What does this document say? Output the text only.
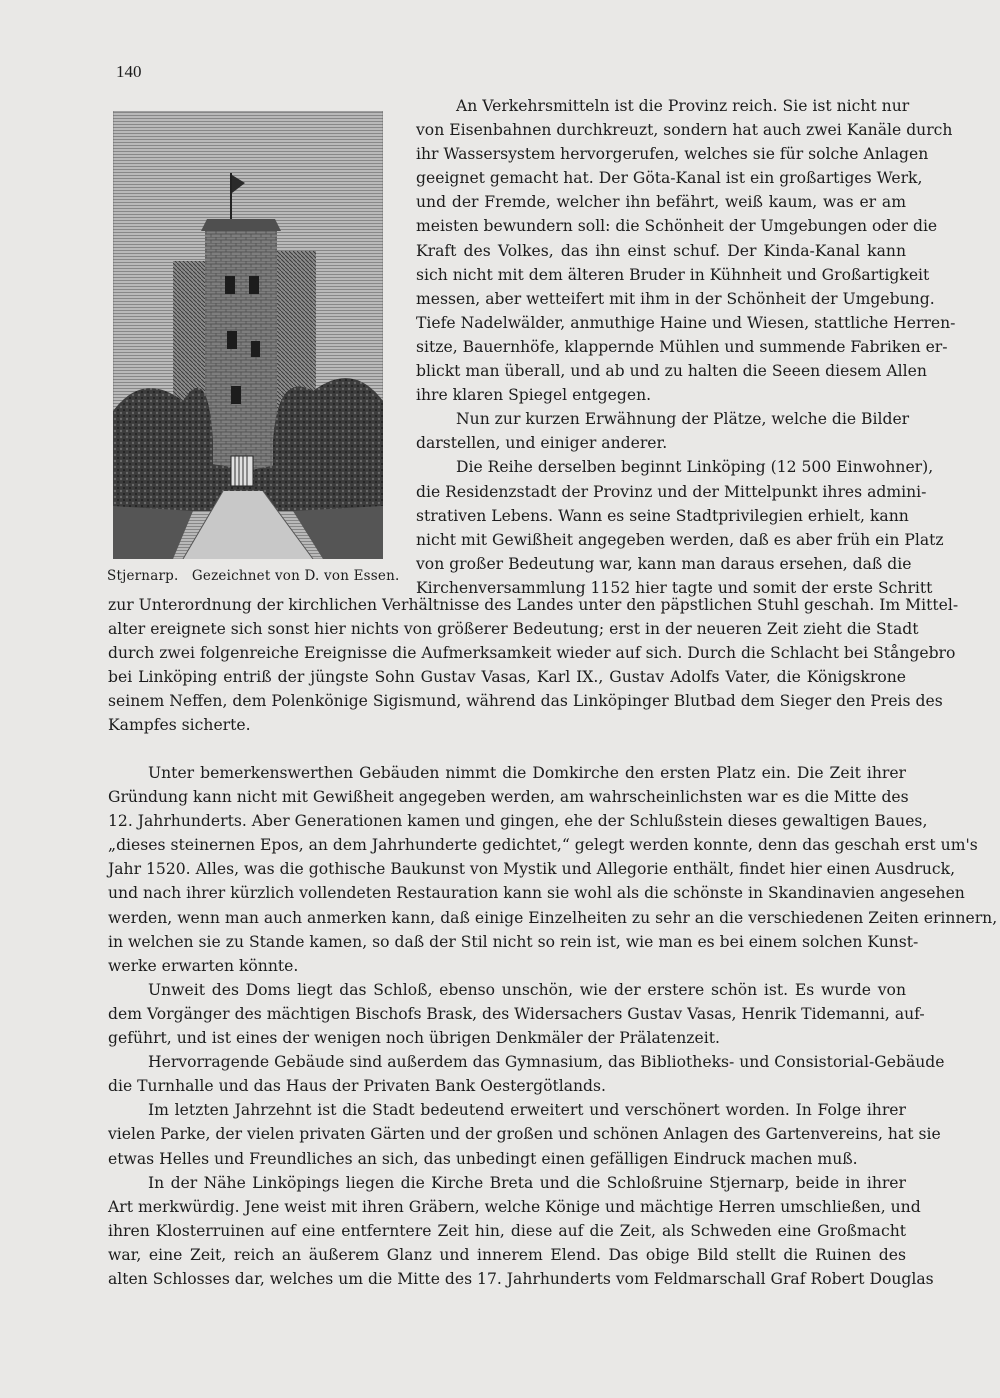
140
Stjernarp. Gezeichnet von D. von Essen.
An Verkehrsmitteln ist die Provinz reich. Sie ist nicht nur
von Eisenbahnen durchkreuzt, sondern hat auch zwei Kanäle durch
ihr Wassersystem hervorgerufen, welches sie für solche Anlagen
geeignet gemacht hat. Der Göta-Kanal ist ein großartiges Werk,
und der Fremde, welcher ihn befährt, weiß kaum, was er am
meisten bewundern soll: die Schönheit der Umgebungen oder die
Kraft des Volkes, das ihn einst schuf. Der Kinda-Kanal kann
sich nicht mit dem älteren Bruder in Kühnheit und Großartigkeit
messen, aber wetteifert mit ihm in der Schönheit der Umgebung.
Tiefe Nadelwälder, anmuthige Haine und Wiesen, stattliche Herren-
sitze, Bauernhöfe, klappernde Mühlen und summende Fabriken er-
blickt man überall, und ab und zu halten die Seeen diesem Allen
ihre klaren Spiegel entgegen.
Nun zur kurzen Erwähnung der Plätze, welche die Bilder
darstellen, und einiger anderer.
Die Reihe derselben beginnt Linköping (12 500 Einwohner),
die Residenzstadt der Provinz und der Mittelpunkt ihres admini-
strativen Lebens. Wann es seine Stadtprivilegien erhielt, kann
nicht mit Gewißheit angegeben werden, daß es aber früh ein Platz
von großer Bedeutung war, kann man daraus ersehen, daß die
Kirchenversammlung 1152 hier tagte und somit der erste Schritt
zur Unterordnung der kirchlichen Verhältnisse des Landes unter den päpstlichen Stuhl geschah. Im Mittel-
alter ereignete sich sonst hier nichts von größerer Bedeutung; erst in der neueren Zeit zieht die Stadt
durch zwei folgenreiche Ereignisse die Aufmerksamkeit wieder auf sich. Durch die Schlacht bei Stångebro
bei Linköping entriß der jüngste Sohn Gustav Vasas, Karl IX., Gustav Adolfs Vater, die Königskrone
seinem Neffen, dem Polenkönige Sigismund, während das Linköpinger Blutbad dem Sieger den Preis des
Kampfes sicherte.
Unter bemerkenswerthen Gebäuden nimmt die Domkirche den ersten Platz ein. Die Zeit ihrer
Gründung kann nicht mit Gewißheit angegeben werden, am wahrscheinlichsten war es die Mitte des
12. Jahrhunderts. Aber Generationen kamen und gingen, ehe der Schlußstein dieses gewaltigen Baues,
„dieses steinernen Epos, an dem Jahrhunderte gedichtet,“ gelegt werden konnte, denn das geschah erst um's
Jahr 1520. Alles, was die gothische Baukunst von Mystik und Allegorie enthält, findet hier einen Ausdruck,
und nach ihrer kürzlich vollendeten Restauration kann sie wohl als die schönste in Skandinavien angesehen
werden, wenn man auch anmerken kann, daß einige Einzelheiten zu sehr an die verschiedenen Zeiten erinnern,
in welchen sie zu Stande kamen, so daß der Stil nicht so rein ist, wie man es bei einem solchen Kunst-
werke erwarten könnte.
Unweit des Doms liegt das Schloß, ebenso unschön, wie der erstere schön ist. Es wurde von
dem Vorgänger des mächtigen Bischofs Brask, des Widersachers Gustav Vasas, Henrik Tidemanni, auf-
geführt, und ist eines der wenigen noch übrigen Denkmäler der Prälatenzeit.
Hervorragende Gebäude sind außerdem das Gymnasium, das Bibliotheks- und Consistorial-Gebäude
die Turnhalle und das Haus der Privaten Bank Oestergötlands.
Im letzten Jahrzehnt ist die Stadt bedeutend erweitert und verschönert worden. In Folge ihrer
vielen Parke, der vielen privaten Gärten und der großen und schönen Anlagen des Gartenvereins, hat sie
etwas Helles und Freundliches an sich, das unbedingt einen gefälligen Eindruck machen muß.
In der Nähe Linköpings liegen die Kirche Breta und die Schloßruine Stjernarp, beide in ihrer
Art merkwürdig. Jene weist mit ihren Gräbern, welche Könige und mächtige Herren umschließen, und
ihren Klosterruinen auf eine entferntere Zeit hin, diese auf die Zeit, als Schweden eine Großmacht
war, eine Zeit, reich an äußerem Glanz und innerem Elend. Das obige Bild stellt die Ruinen des
alten Schlosses dar, welches um die Mitte des 17. Jahrhunderts vom Feldmarschall Graf Robert Douglas
